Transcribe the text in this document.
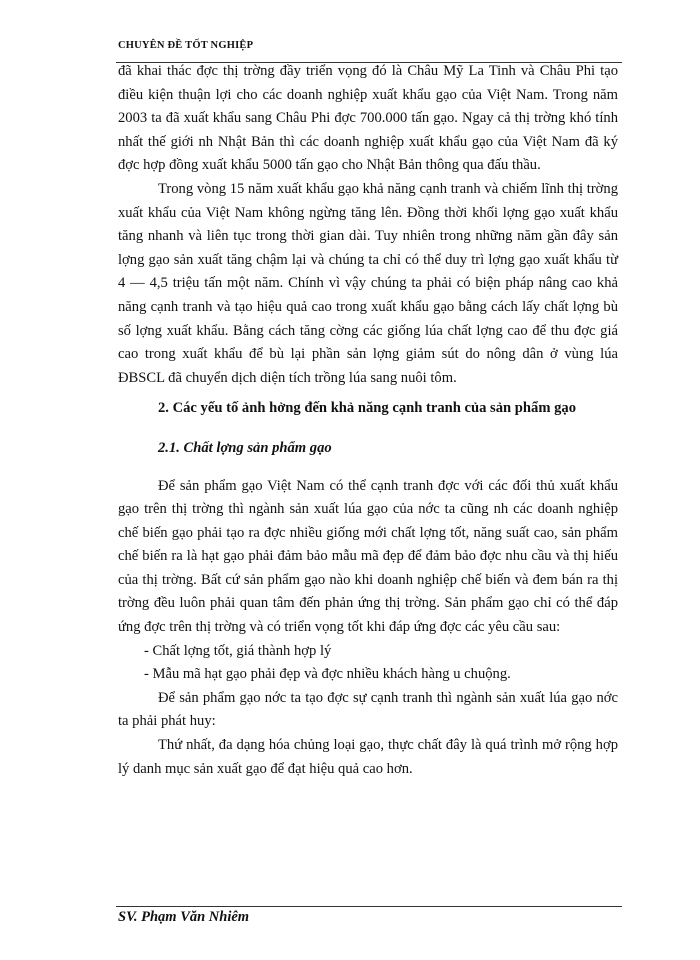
CHUYÊN ĐỀ TỐT NGHIỆP

đã khai thác đợc thị trờng đầy triển vọng đó là Châu Mỹ La Tinh và Châu Phi tạo điều kiện thuận lợi cho các doanh nghiệp xuất khẩu gạo của Việt Nam. Trong năm 2003 ta đã xuất khẩu sang Châu Phi đợc 700.000 tấn gạo. Ngay cả thị trờng khó tính nhất thế giới nh Nhật Bản thì các doanh nghiệp xuất khẩu gạo của Việt Nam đã ký đợc hợp đồng xuất khẩu 5000 tấn gạo cho Nhật Bản thông qua đấu thầu.

Trong vòng 15 năm xuất khẩu gạo khả năng cạnh tranh và chiếm lĩnh thị trờng xuất khẩu của Việt Nam không ngừng tăng lên. Đồng thời khối lợng gạo xuất khẩu tăng nhanh và liên tục trong thời gian dài. Tuy nhiên trong những năm gần đây sản lợng gạo sản xuất tăng chậm lại và chúng ta chỉ có thể duy trì lợng gạo xuất khẩu từ 4 — 4,5 triệu tấn một năm. Chính vì vậy chúng ta phải có biện pháp nâng cao khả năng cạnh tranh và tạo hiệu quả cao trong xuất khẩu gạo bằng cách lấy chất lợng bù số lợng xuất khẩu. Bằng cách tăng cờng các giống lúa chất lợng cao để thu đợc giá cao trong xuất khẩu để bù lại phần sản lợng giảm sút do nông dân ở vùng lúa ĐBSCL đã chuyển dịch diện tích trồng lúa sang nuôi tôm.

2. Các yếu tố ảnh hởng đến khả năng cạnh tranh của sản phẩm gạo

2.1. Chất lợng sản phẩm gạo

Để sản phẩm gạo Việt Nam có thể cạnh tranh đợc với các đối thủ xuất khẩu gạo trên thị trờng thì ngành sản xuất lúa gạo của nớc ta cũng nh các doanh nghiệp chế biến gạo phải tạo ra đợc nhiều giống mới chất lợng tốt, năng suất cao, sản phẩm chế biến ra là hạt gạo phải đảm bảo mẫu mã đẹp để đảm bảo đợc nhu cầu và thị hiếu của thị trờng. Bất cứ sản phẩm gạo nào khi doanh nghiệp chế biến và đem bán ra thị trờng đều luôn phải quan tâm đến phản ứng thị trờng. Sản phẩm gạo chỉ có thể đáp ứng đợc trên thị trờng và có triển vọng tốt khi đáp ứng đợc các yêu cầu sau:

- Chất lợng tốt, giá thành hợp lý

- Mẫu mã hạt gạo phải đẹp và đợc nhiều khách hàng u chuộng.

Để sản phẩm gạo nớc ta tạo đợc sự cạnh tranh thì ngành sản xuất lúa gạo nớc ta phải phát huy:

Thứ nhất, đa dạng hóa chủng loại gạo, thực chất đây là quá trình mở rộng hợp lý danh mục sản xuất gạo để đạt hiệu quả cao hơn.

SV. Phạm Văn Nhiêm
